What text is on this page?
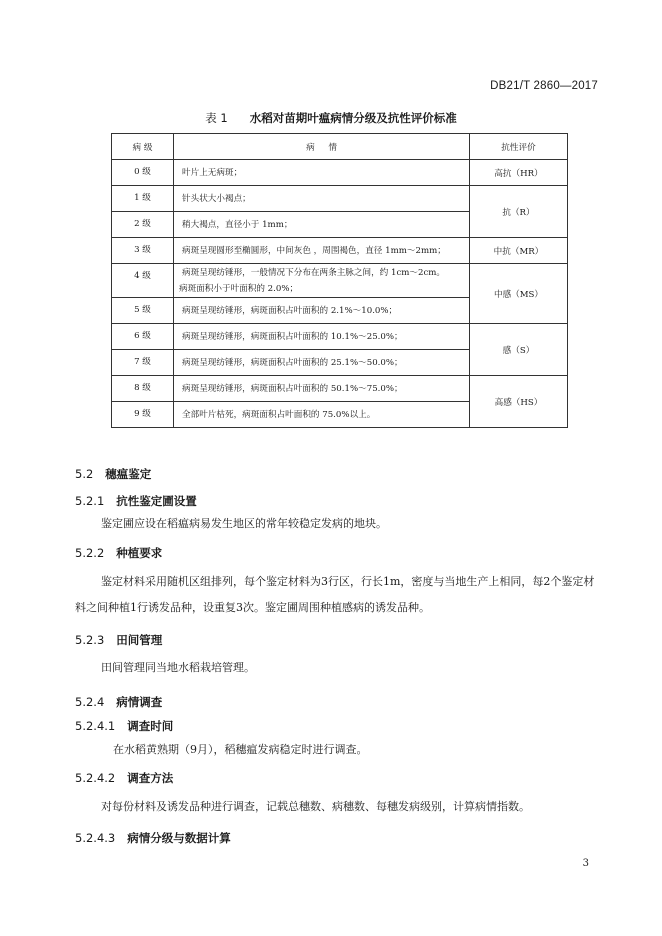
DB21/T 2860—2017
表 1 水稻对苗期叶瘟病情分级及抗性评价标准
病 级	病     情	抗性评价
0 级	叶片上无病斑；	高抗（HR）
1 级	针头状大小褐点；	抗（R）
2 级	稍大褐点，直径小于 1mm；	
3 级	病斑呈现圆形至椭圆形，中间灰色 ，周围褐色，直径 1mm～2mm；	中抗（MR）
4 级	病斑呈现纺锤形，一般情况下分布在两条主脉之间，约 1cm～2cm。
病斑面积小于叶面积的 2.0%；	中感（MS）
5 级	病斑呈现纺锤形，病斑面积占叶面积的 2.1%～10.0%；	
6 级	病斑呈现纺锤形，病斑面积占叶面积的 10.1%～25.0%；	感（S）
7 级	病斑呈现纺锤形，病斑面积占叶面积的 25.1%～50.0%；	
8 级	病斑呈现纺锤形，病斑面积占叶面积的 50.1%～75.0%；	高感（HS）
9 级	全部叶片枯死，病斑面积占叶面积的 75.0%以上。	
5.2 穗瘟鉴定
5.2.1 抗性鉴定圃设置
鉴定圃应设在稻瘟病易发生地区的常年较稳定发病的地块。
5.2.2 种植要求
鉴定材料采用随机区组排列，每个鉴定材料为3行区，行长1m，密度与当地生产上相同，每2个鉴定材料之间种植1行诱发品种，设重复3次。鉴定圃周围种植感病的诱发品种。
5.2.3 田间管理
田间管理同当地水稻栽培管理。
5.2.4 病情调查
5.2.4.1 调查时间
在水稻黄熟期（9月），稻穗瘟发病稳定时进行调查。
5.2.4.2 调查方法
对每份材料及诱发品种进行调查，记载总穗数、病穗数、每穗发病级别，计算病情指数。
5.2.4.3 病情分级与数据计算
3
